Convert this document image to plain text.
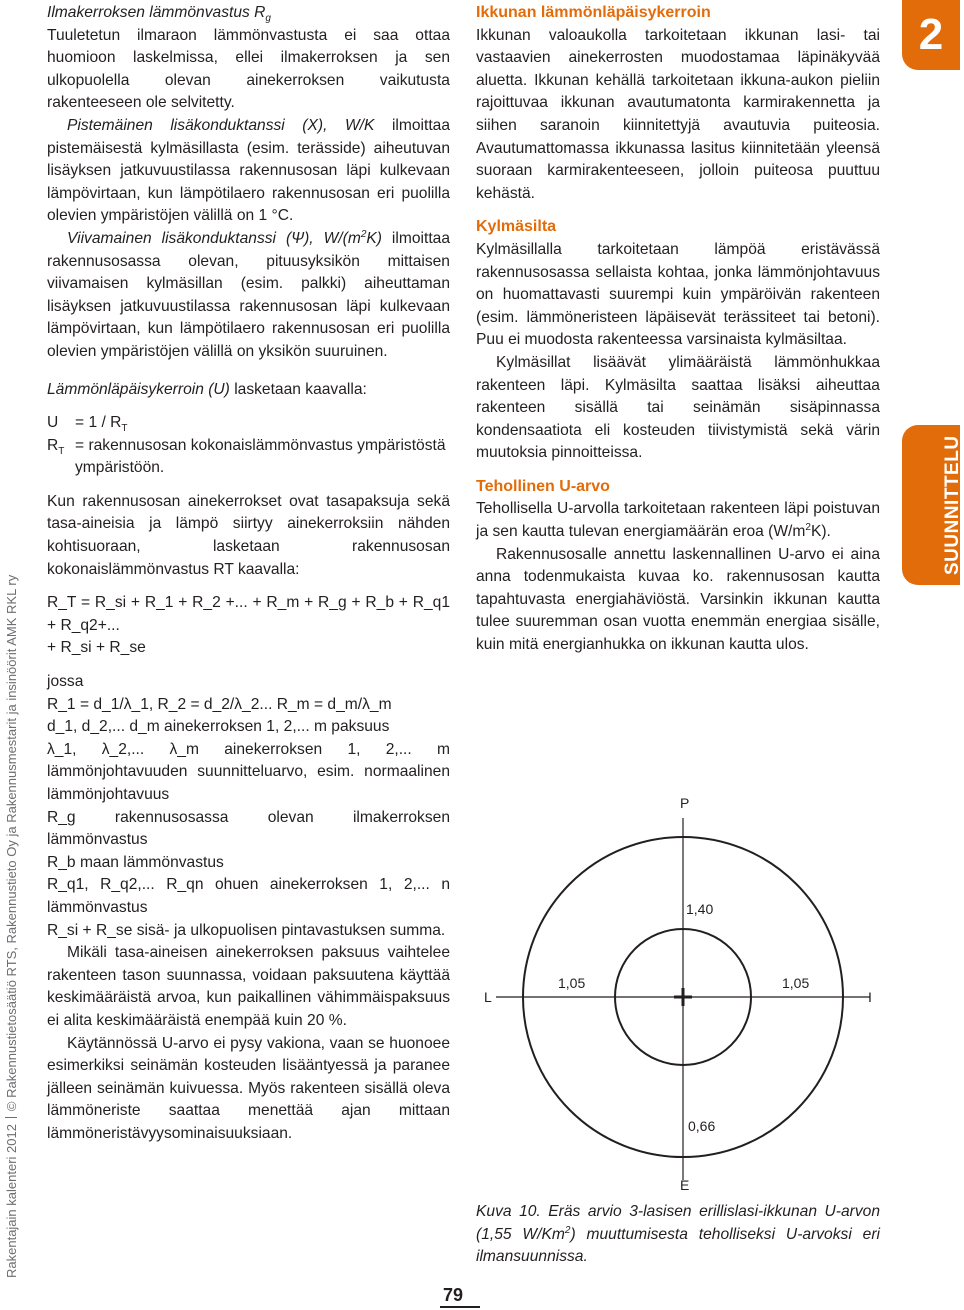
Rakentajain kalenteri 2012© Rakennustietosäätiö RTS, Rakennustieto Oy ja Rakennusmestarit ja insinöörit AMK RKL ry
2
SUUNNITTELU

Ilmakerroksen lämmönvastus $R_g$

Tuuletetun ilmaraon lämmönvastusta ei saa ottaa huomioon laskelmissa, ellei ilmakerroksen ja sen ulkopuolella olevan ainekerroksen vaikutusta rakenteeseen ole selvitetty.

Pistemäinen lisäkonduktanssi (X), W/K ilmoittaa pistemäisestä kylmäsillasta (esim. terässide) aiheutuvan lisäyksen jatkuvuustilassa rakennusosan läpi kulkevaan lämpövirtaan, kun lämpötilaero rakennusosan eri puolilla olevien ympäristöjen välillä on 1 °C.

Viivamainen lisäkonduktanssi (Ψ), $W/(m^2K)$ ilmoittaa rakennusosassa olevan, pituusyksikön mittaisen viivamaisen kylmäsillan (esim. palkki) aiheuttaman lisäyksen jatkuvuustilassa rakennusosan läpi kulkevaan lämpövirtaan, kun lämpötilaero rakennusosan eri puolilla olevien ympäristöjen välillä on yksikön suuruinen.

Lämmönläpäisykerroin (U) lasketaan kaavalla:

U	= $1 / R_T$
$R_T$ = rakennusosan kokonaislämmönvastus ympäristöstä ympäristöön.

Kun rakennusosan ainekerrokset ovat tasapaksuja sekä tasa-aineisia ja lämpö siirtyy ainekerroksiin nähden kohtisuoraan, lasketaan rakennusosan kokonaislämmönvastus RT kaavalla:

R_T = R_si + R_1 + R_2 +... + R_m + R_g + R_b + R_q1 + R_q2+...

+ R_si + R_se

jossa

R_1 = d_1/λ_1, R_2 = d_2/λ_2... R_m = d_m/λ_m

d_1, d_2,... d_m ainekerroksen 1, 2,... m paksuus

λ_1, λ_2,... λ_m ainekerroksen 1, 2,... m lämmönjohtavuuden suunnitteluarvo, esim. normaalinen lämmönjohtavuus

R_g rakennusosassa olevan ilmakerroksen lämmönvastus

R_b maan lämmönvastus

R_q1, R_q2,... R_qn ohuen ainekerroksen 1, 2,... n lämmönvastus

R_si + R_se sisä- ja ulkopuolisen pintavastuksen summa.

Mikäli tasa-aineisen ainekerroksen paksuus vaihtelee rakenteen tason suunnassa, voidaan paksuutena käyttää keskimääräistä arvoa, kun paikallinen vähimmäispaksuus ei alita keskimääräistä enempää kuin 20 %.

Käytännössä U-arvo ei pysy vakiona, vaan se huonoee esimerkiksi seinämän kosteuden lisääntyessä ja paranee jälleen seinämän kuivuessa. Myös rakenteen sisällä oleva lämmöneriste saattaa menettää ajan mittaan lämmöneristävyysominaisuuksiaan.

Ikkunan lämmönläpäisykerroin

Ikkunan valoaukolla tarkoitetaan ikkunan lasi- tai vastaavien ainekerrosten muodostamaa läpinäkyvää aluetta. Ikkunan kehällä tarkoitetaan ikkuna-aukon pieliin rajoittuvaa ikkunan avautumatonta karmirakennetta ja siihen saranoin kiinnitettyjä avautuvia puiteosia. Avautumattomassa ikkunassa lasitus kiinnitetään yleensä suoraan karmirakenteeseen, jolloin puiteosa puuttuu kehästä.

Kylmäsilta

Kylmäsillalla tarkoitetaan lämpöä eristävässä rakennusosassa sellaista kohtaa, jonka lämmönjohtavuus on huomattavasti suurempi kuin ympäröivän rakenteen (esim. lämmöneristeen läpäisevät terässiteet tai betoni). Puu ei muodosta rakenteessa varsinaista kylmäsiltaa.

Kylmäsillat lisäävät ylimääräistä lämmönhukkaa rakenteen läpi. Kylmäsilta saattaa lisäksi aiheuttaa rakenteen sisällä tai seinämän sisäpinnassa kondensaatiota eli kosteuden tiivistymistä sekä värin muutoksia pinnoitteissa.

Tehollinen U-arvo

Tehollisella U-arvolla tarkoitetaan rakenteen läpi poistuvan ja sen kautta tulevan energiamäärän eroa $(W/m^2K)$.

Rakennusosalle annettu laskennallinen U-arvo ei aina anna todenmukaista kuvaa ko. rakennusosan kautta tapahtuvasta energiahäviöstä. Varsinkin ikkunan kautta tulee suuremman osan vuotta enemmän energiaa sisälle, kuin mitä energianhukka on ikkunan kautta ulos.

P
E
L	I
1,40
1,05	1,05
0,66
Kuva 10. Eräs arvio 3-lasisen erillislasi-ikkunan U-arvon (1,55 W/Km$^2$) muuttumisesta teholliseksi U-arvoksi eri ilmansuunnissa.
79
